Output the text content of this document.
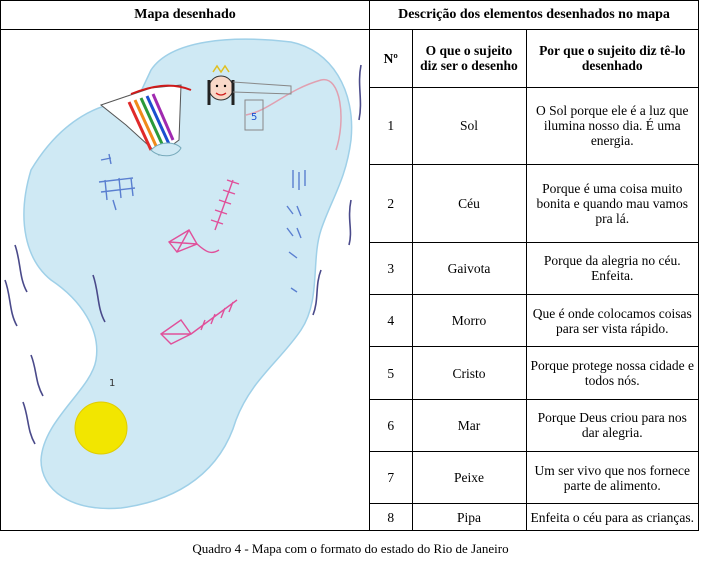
Mapa desenhado
5
1
Descrição dos elementos desenhados no mapa
Nº	O que o sujeito diz ser o desenho	Por que o sujeito diz tê-lo desenhado
1	Sol	O Sol porque ele é a luz que ilumina nosso dia. É uma energia.
2	Céu	Porque é uma coisa muito bonita e quando mau vamos pra lá.
3	Gaivota	Porque da alegria no céu. Enfeita.
4	Morro	Que é onde colocamos coisas para ser vista rápido.
5	Cristo	Porque protege nossa cidade e todos nós.
6	Mar	Porque Deus criou para nos dar alegria.
7	Peixe	Um ser vivo que nos fornece parte de alimento.
8	Pipa	Enfeita o céu para as crianças.
Quadro 4 - Mapa com o formato do estado do Rio de Janeiro
